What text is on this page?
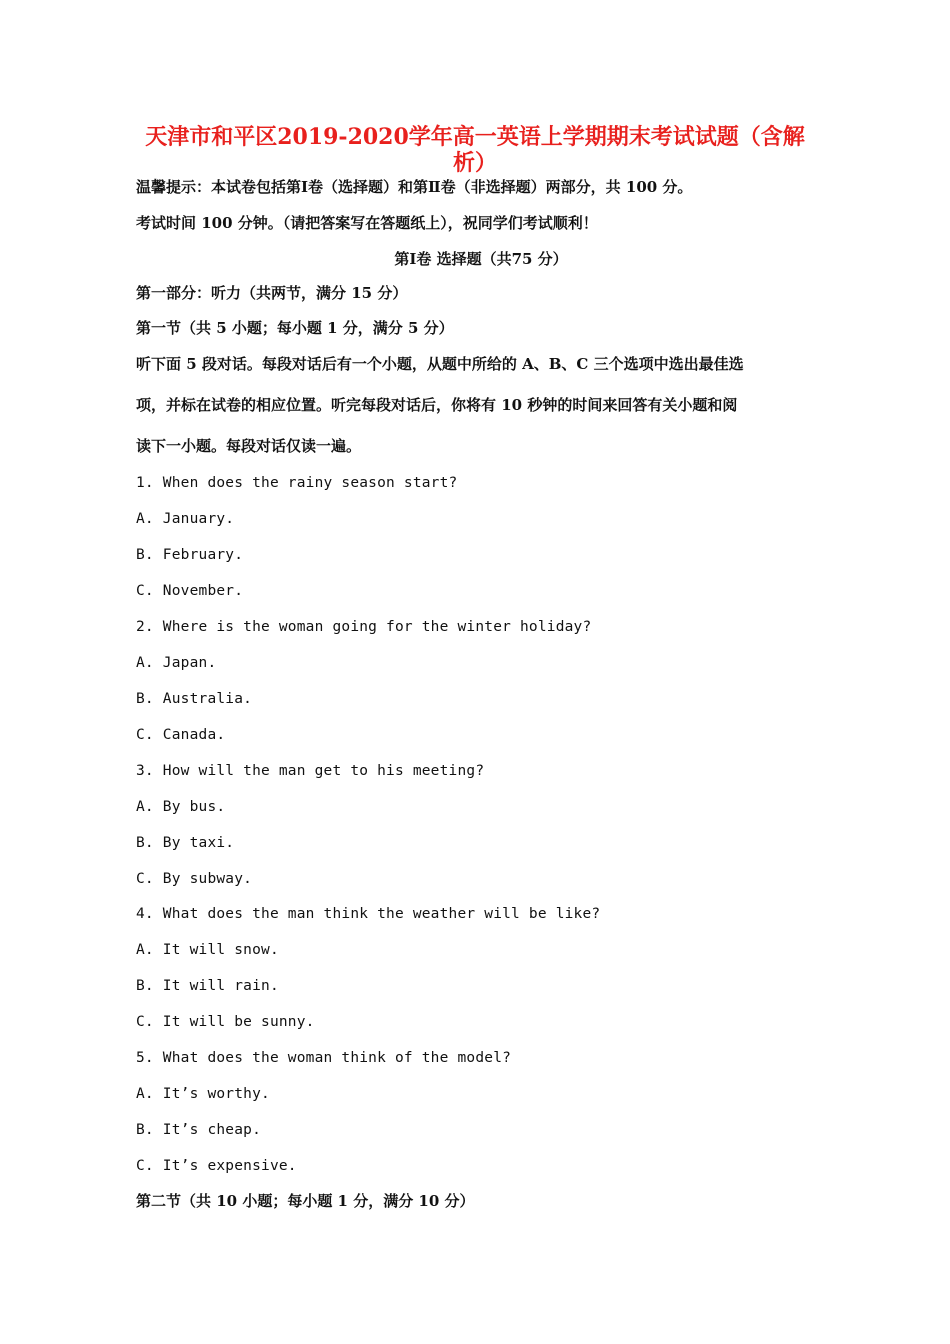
天津市和平区2019-2020学年高一英语上学期期末考试试题（含解
析）

温馨提示：本试卷包括第Ⅰ卷（选择题）和第Ⅱ卷（非选择题）两部分，共 100 分。

考试时间 100 分钟。（请把答案写在答题纸上），祝同学们考试顺利！

第Ⅰ卷 选择题（共75 分）

第一部分：听力（共两节，满分 15 分）

第一节（共 5 小题；每小题 1 分，满分 5 分）

听下面 5 段对话。每段对话后有一个小题，从题中所给的 A、B、C 三个选项中选出最佳选

项，并标在试卷的相应位置。听完每段对话后，你将有 10 秒钟的时间来回答有关小题和阅

读下一小题。每段对话仅读一遍。

1. When does the rainy season start?

A. January.

B. February.

C. November.

2. Where is the woman going for the winter holiday?

A. Japan.

B. Australia.

C. Canada.

3. How will the man get to his meeting?

A. By bus.

B. By taxi.

C. By subway.

4. What does the man think the weather will be like?

A. It will snow.

B. It will rain.

C. It will be sunny.

5. What does the woman think of the model?

A. It’s worthy.

B. It’s cheap.

C. It’s expensive.

第二节（共 10 小题；每小题 1 分，满分 10 分）
